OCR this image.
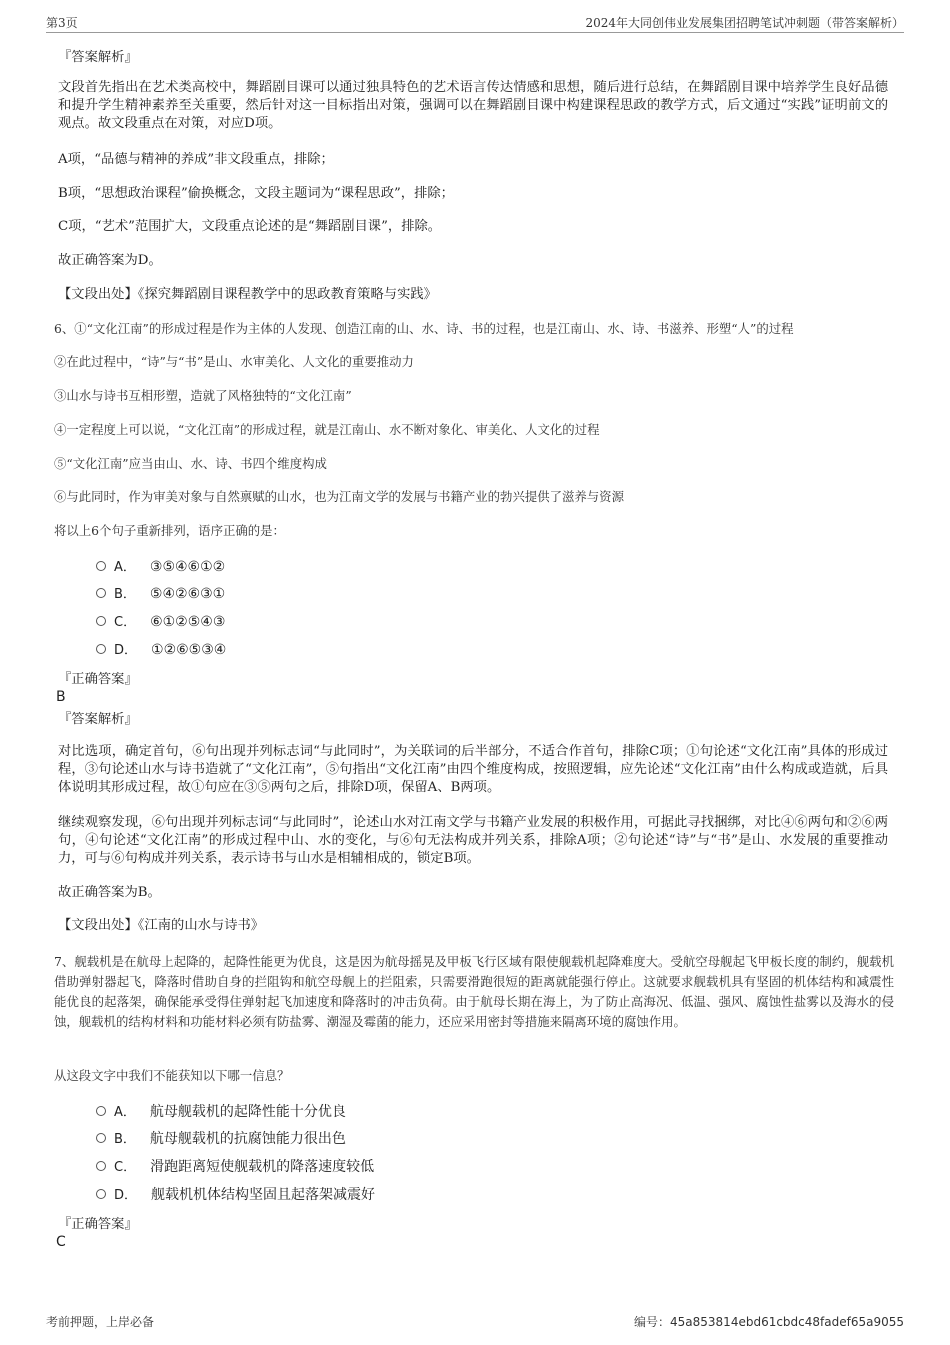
第3页	2024年大同创伟业发展集团招聘笔试冲刺题（带答案解析）

『答案解析』

文段首先指出在艺术类高校中，舞蹈剧目课可以通过独具特色的艺术语言传达情感和思想，随后进行总结，在舞蹈剧目课中培养学生良好品德和提升学生精神素养至关重要，然后针对这一目标指出对策，强调可以在舞蹈剧目课中构建课程思政的教学方式，后文通过“实践”证明前文的观点。故文段重点在对策，对应D项。

A项，“品德与精神的养成”非文段重点，排除；

B项，“思想政治课程”偷换概念，文段主题词为“课程思政”，排除；

C项，“艺术”范围扩大，文段重点论述的是“舞蹈剧目课”，排除。

故正确答案为D。

【文段出处】《探究舞蹈剧目课程教学中的思政教育策略与实践》

6、①“文化江南”的形成过程是作为主体的人发现、创造江南的山、水、诗、书的过程，也是江南山、水、诗、书滋养、形塑“人”的过程

②在此过程中，“诗”与“书”是山、水审美化、人文化的重要推动力

③山水与诗书互相形塑，造就了风格独特的“文化江南”

④一定程度上可以说，“文化江南”的形成过程，就是江南山、水不断对象化、审美化、人文化的过程

⑤“文化江南”应当由山、水、诗、书四个维度构成

⑥与此同时，作为审美对象与自然禀赋的山水，也为江南文学的发展与书籍产业的勃兴提供了滋养与资源

将以上6个句子重新排列，语序正确的是：

A． ③⑤④⑥①②
B． ⑤④②⑥③①
C． ⑥①②⑤④③
D． ①②⑥⑤③④

『正确答案』

B

『答案解析』

对比选项，确定首句，⑥句出现并列标志词“与此同时”，为关联词的后半部分，不适合作首句，排除C项；①句论述“文化江南”具体的形成过程，③句论述山水与诗书造就了“文化江南”，⑤句指出“文化江南”由四个维度构成，按照逻辑，应先论述“文化江南”由什么构成或造就，后具体说明其形成过程，故①句应在③⑤两句之后，排除D项，保留A、B两项。

继续观察发现，⑥句出现并列标志词“与此同时”，论述山水对江南文学与书籍产业发展的积极作用，可据此寻找捆绑，对比④⑥两句和②⑥两句，④句论述“文化江南”的形成过程中山、水的变化，与⑥句无法构成并列关系，排除A项；②句论述“诗”与“书”是山、水发展的重要推动力，可与⑥句构成并列关系，表示诗书与山水是相辅相成的，锁定B项。

故正确答案为B。

【文段出处】《江南的山水与诗书》

7、舰载机是在航母上起降的，起降性能更为优良，这是因为航母摇晃及甲板飞行区域有限使舰载机起降难度大。受航空母舰起飞甲板长度的制约，舰载机借助弹射器起飞，降落时借助自身的拦阻钩和航空母舰上的拦阻索，只需要滑跑很短的距离就能强行停止。这就要求舰载机具有坚固的机体结构和减震性能优良的起落架，确保能承受得住弹射起飞加速度和降落时的冲击负荷。由于航母长期在海上，为了防止高海况、低温、强风、腐蚀性盐雾以及海水的侵蚀，舰载机的结构材料和功能材料必须有防盐雾、潮湿及霉菌的能力，还应采用密封等措施来隔离环境的腐蚀作用。

从这段文字中我们不能获知以下哪一信息？

A． 航母舰载机的起降性能十分优良
B． 航母舰载机的抗腐蚀能力很出色
C． 滑跑距离短使舰载机的降落速度较低
D． 舰载机机体结构坚固且起落架减震好

『正确答案』

C

考前押题，上岸必备	编号：45a853814ebd61cbdc48fadef65a9055
